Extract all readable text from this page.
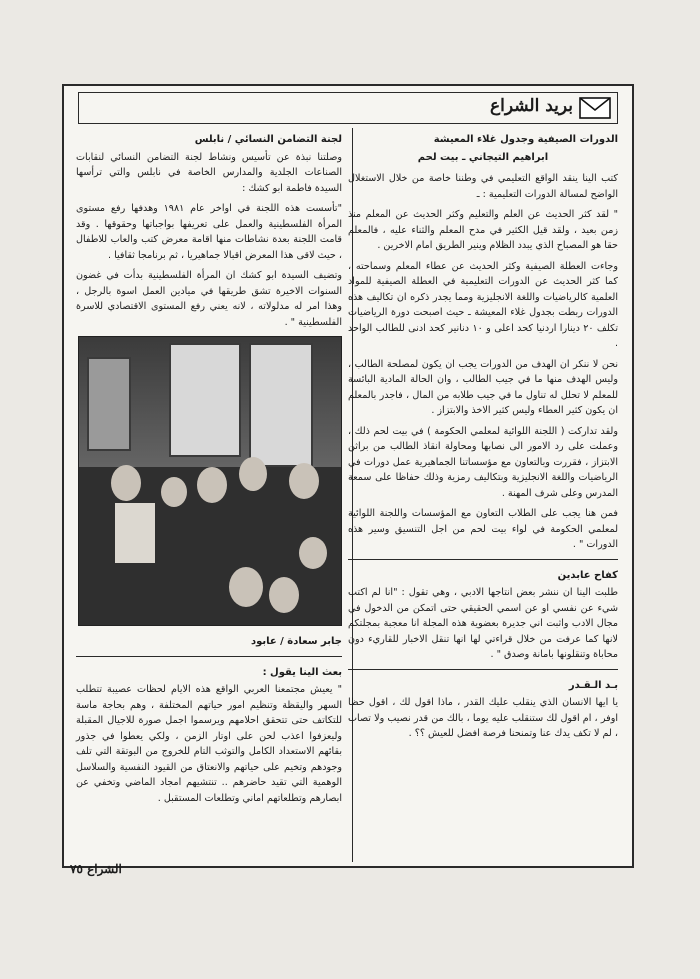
​
بريد الشراع
الدورات الصيفية وجدول غلاء المعيشة
ابراهيم التيجاني ـ بيت لحم

كتب الينا ينقد الواقع التعليمي في وطننا خاصة من خلال الاستغلال الواضح لمسالة الدورات التعليمية : ـ

" لقد كثر الحديث عن العلم والتعليم وكثر الحديث عن المعلم منذ زمن بعيد ، ولقد قيل الكثير في مدح المعلم والثناء عليه ، فالمعلم حقا هو المصباح الذي يبدد الظلام وينير الطريق امام الاخرين .

وجاءت العطلة الصيفية وكثر الحديث عن عطاء المعلم وسماحته ، كما كثر الحديث عن الدورات التعليمية في العطلة الصيفية للمواد العلمية كالرياضيات واللغة الانجليزية ومما يجدر ذكره ان تكاليف هذه الدورات ربطت بجدول غلاء المعيشة ـ حيث اصبحت دورة الرياضيات تكلف ٢٠ دينارا اردنيا كحد اعلى و ١٠ دنانير كحد ادنى للطالب الواحد .

نحن لا ننكر ان الهدف من الدورات يجب ان يكون لمصلحة الطالب ، وليس الهدف منها ما في جيب الطالب ، وان الحالة المادية البائسة للمعلم لا تحلل له تناول ما في جيب طلابه من المال ، فاجدر بالمعلم ان يكون كثير العطاء وليس كثير الاخذ والابتزاز .

ولقد تداركت ( اللجنة اللوائية لمعلمي الحكومة ) في بيت لحم ذلك ، وعملت على رد الامور الى نصابها ومحاولة انقاذ الطالب من براثن الابتزاز ، فقررت وبالتعاون مع مؤسساتنا الجماهيرية عمل دورات في الرياضيات واللغة الانجليزية وبتكاليف رمزية وذلك حفاظا على سمعة المدرس وعلى شرف المهنة .

فمن هنا يجب على الطلاب التعاون مع المؤسسات واللجنة اللوائية لمعلمي الحكومة في لواء بيت لحم من اجل التنسيق وسير هذه الدورات " .

كفاح عابدين

طلبت الينا ان ننشر بعض انتاجها الادبي ، وهي تقول : "انا لم اكتب شيء عن نفسي او عن اسمي الحقيقي حتى اتمكن من الدخول في مجال الادب واثبت اني جديرة بعضوية هذه المجلة انا معجبة بمجلتكم لانها كما عرفت من خلال قراءتي لها انها تنقل الاخبار للقاريء دون محاباة وتنقلونها بامانة وصدق " .

بـد الـقـدر

يا ايها الانسان الذي ينقلب عليك القدر ، ماذا اقول لك ، اقول حظا اوفر ، ام اقول لك ستنقلب عليه يوما ، بالك من قدر نصيب ولا تصاب ، لم لا تكف يدك عنا وتمنحنا فرصة افضل للعيش ؟؟ .

لجنة التضامن النسائي / نابلس

وصلتنا نبذة عن تأسيس ونشاط لجنة التضامن النسائي لنقابات الصناعات الجلدية والمدارس الخاصة في نابلس والتي ترأسها السيدة فاطمة ابو كشك :

"تأسست هذه اللجنة في اواخر عام ١٩٨١ وهدفها رفع مستوى المرأة الفلسطينية والعمل على تعريفها بواجباتها وحقوقها . وقد قامت اللجنة بعدة نشاطات منها اقامة معرض كتب والعاب للاطفال ، حيث لاقى هذا المعرض اقبالا جماهيريا ، ثم برنامجا ثقافيا .

وتضيف السيدة ابو كشك ان المرأة الفلسطينية بدأت في غضون السنوات الاخيرة تشق طريقها في ميادين العمل اسوة بالرجل ، وهذا امر له مدلولاته ، لانه يعني رفع المستوى الاقتصادي للاسرة الفلسطينية " .

جابر سعادة / عابود
بعث الينا يقول :

" يعيش مجتمعنا العربي الواقع هذه الايام لحظات عصيبة تتطلب السهر واليقظة وتنظيم امور حياتهم المختلفة ، وهم بحاجة ماسة للتكاتف حتى تتحقق احلامهم ويرسموا اجمل صورة للاجيال المقبلة وليعزفوا اعذب لحن على اوتار الزمن ، ولكي يعطوا في جذور بقائهم الاستعداد الكامل والتوثب التام للخروج من البوتقة التي تلف وجودهم وتخيم على حياتهم والانعتاق من القيود النفسية والسلاسل الوهمية التي تقيد حاضرهم .. تنتشيهم امجاد الماضي وتخفي عن ابصارهم وتطلعاتهم اماني وتطلعات المستقبل .

الشراع ٧٥
